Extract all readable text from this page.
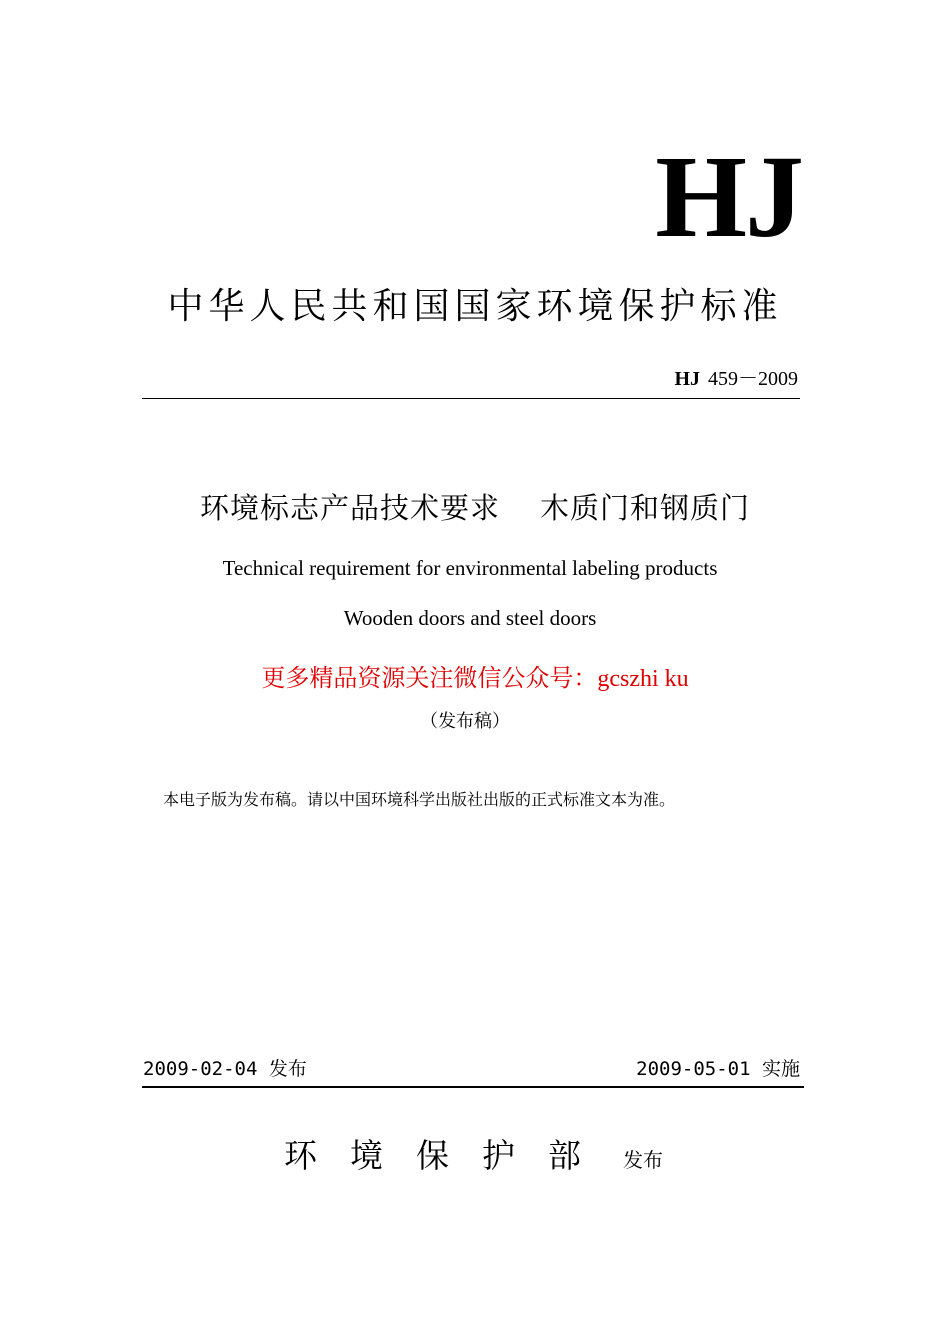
HJ
中华人民共和国国家环境保护标准
HJ 459－2009
环境标志产品技术要求 木质门和钢质门
Technical requirement for environmental labeling products
Wooden doors and steel doors
更多精品资源关注微信公众号：gcszhi ku
（发布稿）
本电子版为发布稿。请以中国环境科学出版社出版的正式标准文本为准。
2009-02-04 发布	2009-05-01 实施
环境保护部 发布
